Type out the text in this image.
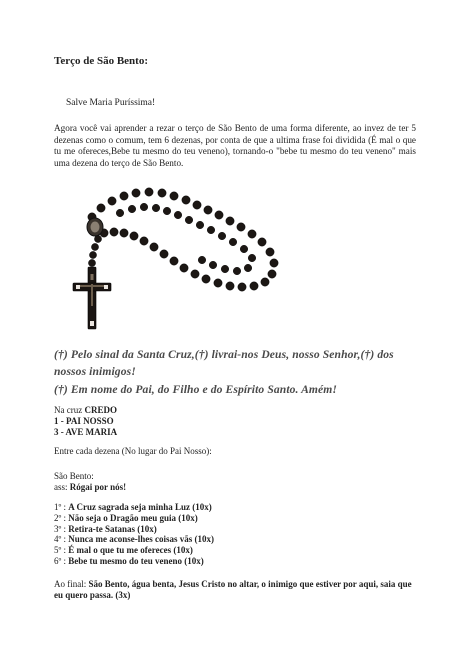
Terço de São Bento:
Salve Maria Puríssima!
Agora você vai aprender a rezar o terço de São Bento de uma forma diferente, ao invez de ter 5 dezenas como o comum, tem 6 dezenas, por conta de que a ultima frase foi dividida (É mal o que tu me ofereces,Bebe tu mesmo do teu veneno), tornando-o "bebe tu mesmo do teu veneno" mais uma dezena do terço de São Bento.
(†) Pelo sinal da Santa Cruz,(†) livrai-nos Deus, nosso Senhor,(†) dos nossos inimigos!
(†) Em nome do Pai, do Filho e do Espírito Santo. Amém!
Na cruz CREDO
1 - PAI NOSSO
3 - AVE MARIA
Entre cada dezena (No lugar do Pai Nosso):
São Bento:
ass: Rógai por nós!
1º : A Cruz sagrada seja minha Luz (10x)
2º : Não seja o Dragão meu guia (10x)
3º : Retira-te Satanas (10x)
4º : Nunca me aconse-lhes coisas vãs (10x)
5º : É mal o que tu me ofereces (10x)
6º : Bebe tu mesmo do teu veneno (10x)
Ao final: São Bento, água benta, Jesus Cristo no altar, o inimigo que estiver por aqui, saia que eu quero passa. (3x)
